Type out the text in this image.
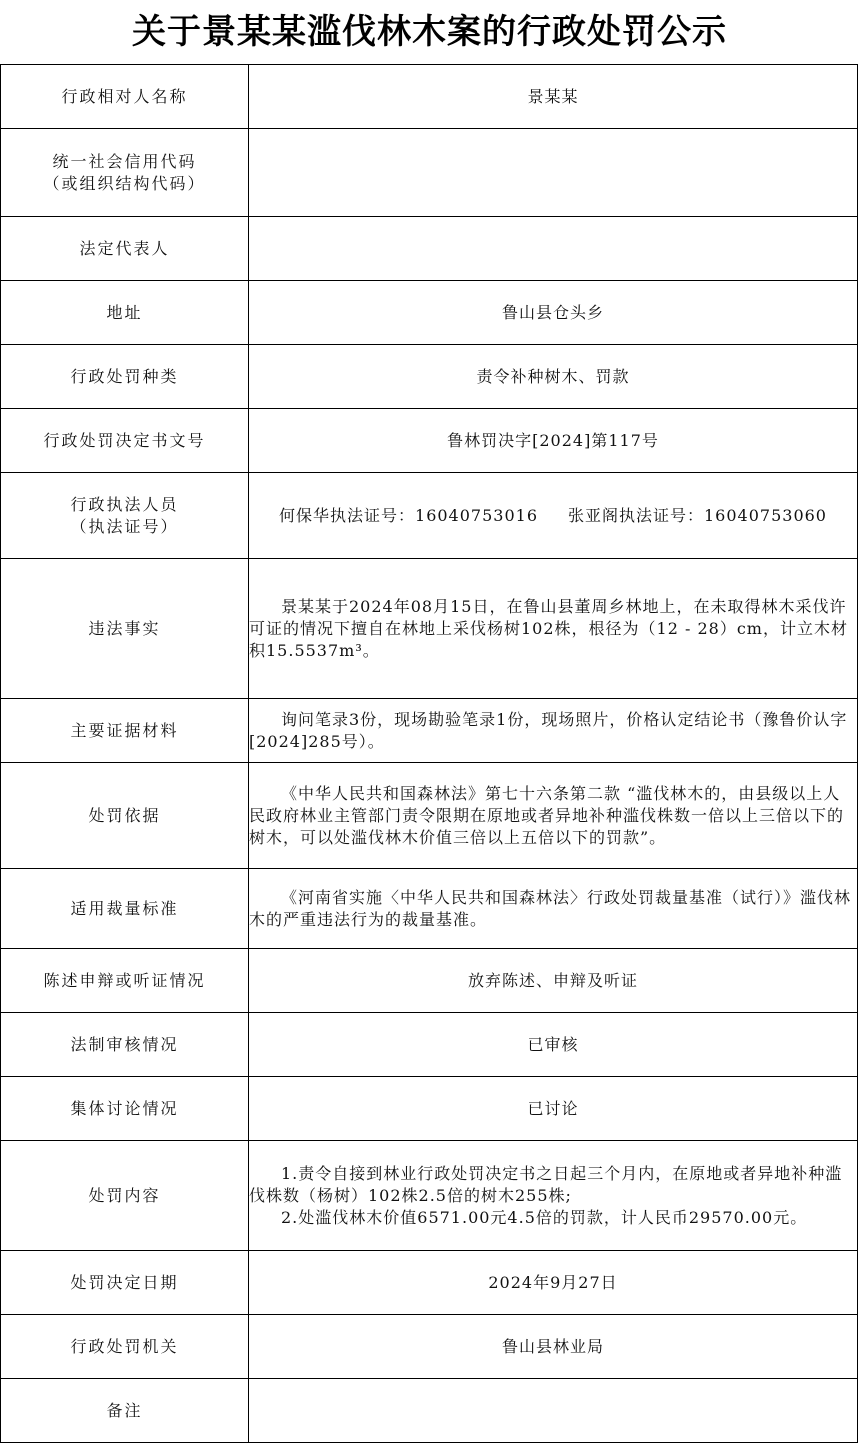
关于景某某滥伐林木案的行政处罚公示
行政相对人名称	景某某

统一社会信用代码
（或组织结构代码）	

法定代表人	
地址	鲁山县仓头乡
行政处罚种类	责令补种树木、罚款
行政处罚决定书文号	鲁林罚决字[2024]第117号

行政执法人员
（执法证号）	何保华执法证号：16040753016 张亚阁执法证号：16040753060
违法事实	景某某于2024年08月15日，在鲁山县董周乡林地上，在未取得林木采伐许可证的情况下擅自在林地上采伐杨树102株，根径为（12 - 28）cm，计立木材积15.5537m³。

主要证据材料	询问笔录3份，现场勘验笔录1份，现场照片，价格认定结论书（豫鲁价认字[2024]285号）。

处罚依据	《中华人民共和国森林法》第七十六条第二款 “滥伐林木的，由县级以上人民政府林业主管部门责令限期在原地或者异地补种滥伐株数一倍以上三倍以下的树木，可以处滥伐林木价值三倍以上五倍以下的罚款”。

适用裁量标准	《河南省实施〈中华人民共和国森林法〉行政处罚裁量基准（试行）》滥伐林木的严重违法行为的裁量基准。

陈述申辩或听证情况	放弃陈述、申辩及听证
法制审核情况	已审核
集体讨论情况	已讨论
处罚内容	1.责令自接到林业行政处罚决定书之日起三个月内，在原地或者异地补种滥伐株数（杨树）102株2.5倍的树木255株;
2.处滥伐林木价值6571.00元4.5倍的罚款，计人民币29570.00元。

处罚决定日期	2024年9月27日
行政处罚机关	鲁山县林业局
备注	
